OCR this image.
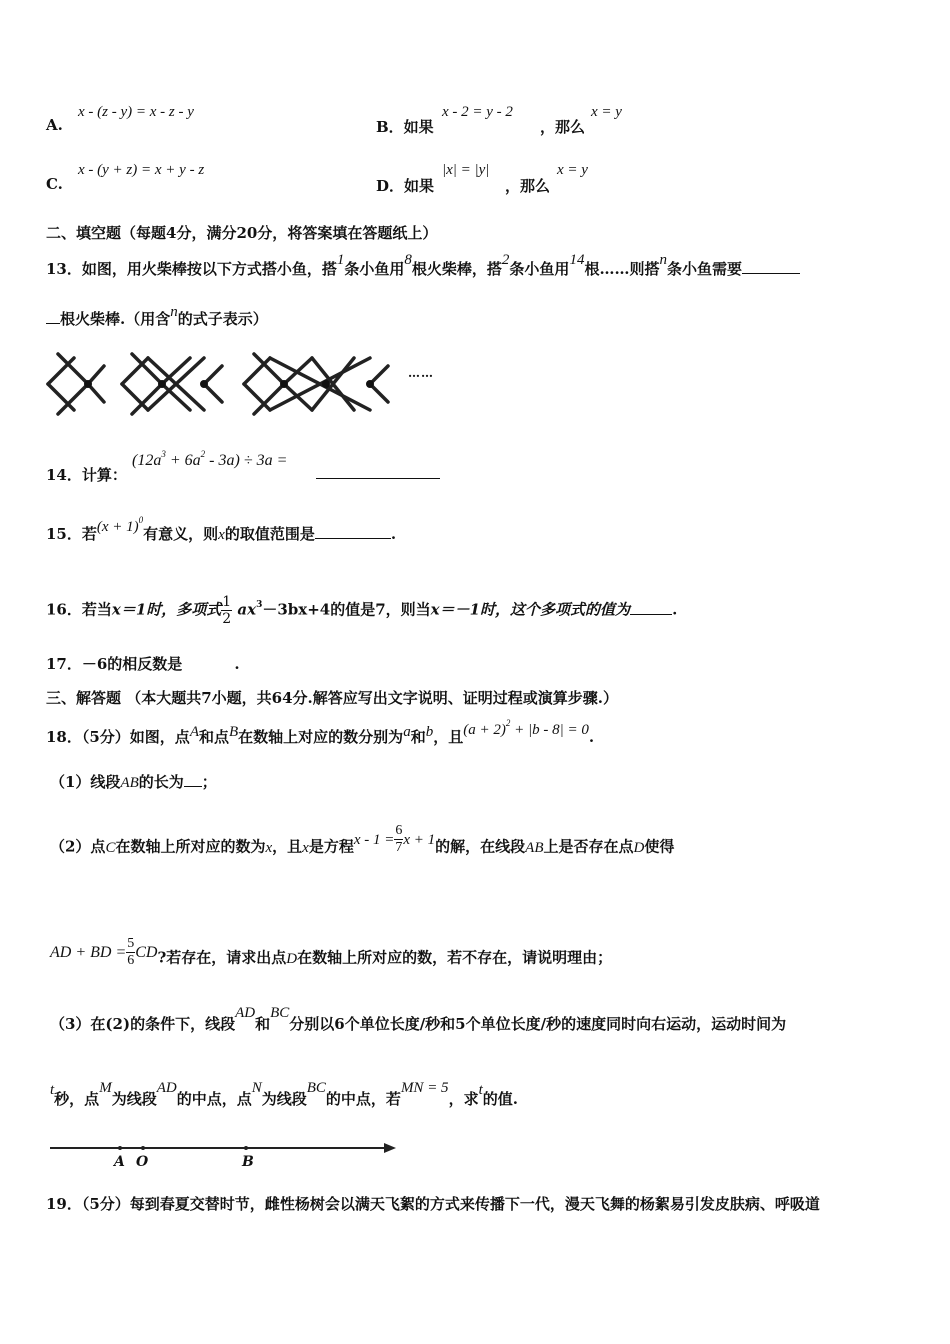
A.
x - (z - y) = x - z - y
B．如果
x - 2 = y - 2
，那么
x = y
C.
x - (y + z) = x + y - z
D．如果
|x| = |y|
，那么
x = y
二、填空题（每题4分，满分20分，将答案填在答题纸上）
13．如图，用火柴棒按以下方式搭小鱼，搭1条小鱼用8根火柴棒，搭2条小鱼用14根……则搭n条小鱼需要
根火柴棒.（用含n的式子表示）
……
14．计算：
$(12a^3 + 6a^2 - 3a) \div 3a$ =
15．若$(x + 1)^0$有意义，则x的取值范围是	.
16．若当x＝1时，多项式 $\frac{1}{2} ax^3-3bx+4$的值是7，则当x＝－1时，这个多项式的值为	.
17．－6的相反数是	.
三、解答题 （本大题共7小题，共64分.解答应写出文字说明、证明过程或演算步骤.）
18．（5分）如图，点A和点B在数轴上对应的数分别为a和b，且$(a + 2)^2 + |b - 8| = 0$.
（1）线段AB的长为 ；
（2）点C在数轴上所对应的数为x，且x是方程$x - 1 = \frac{6}{7}$ x + 1的解，在线段AB上是否存在点D使得
AD + BD = $\frac{5}{6}$ CD?若存在，请求出点D在数轴上所对应的数，若不存在，请说明理由；
（3）在(2)的条件下，线段AD和BC分别以6个单位长度/秒和5个单位长度/秒的速度同时向右运动，运动时间为
t秒，点M为线段AD的中点，点N为线段BC的中点，若MN = 5，求t的值.
A O	B
19．（5分）每到春夏交替时节，雌性杨树会以满天飞絮的方式来传播下一代，漫天飞舞的杨絮易引发皮肤病、呼吸道
